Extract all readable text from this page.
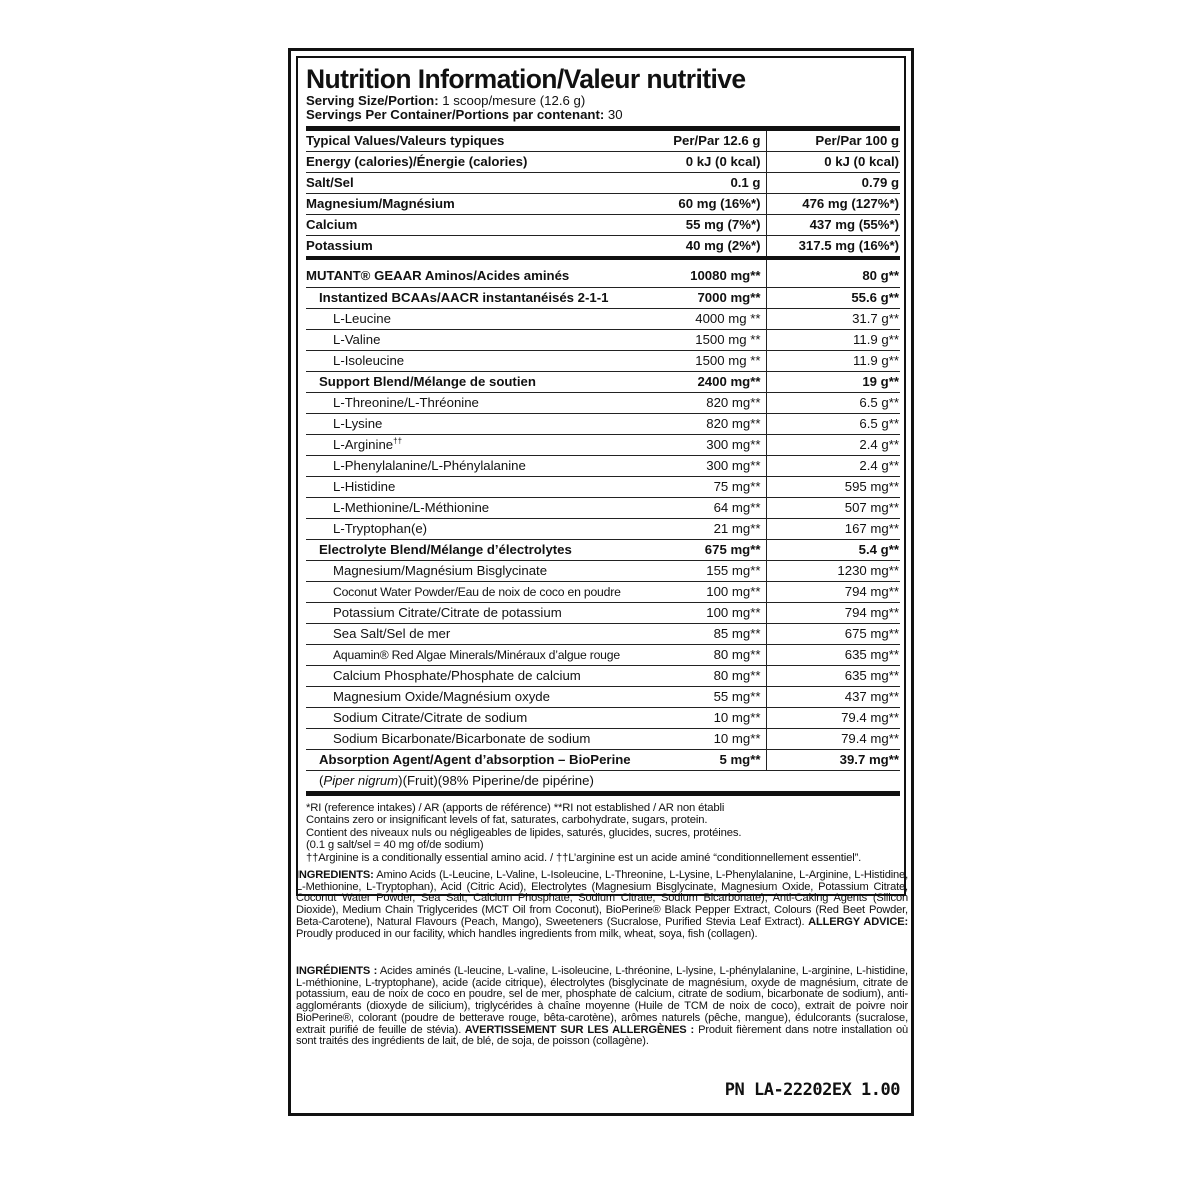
Nutrition Information/Valeur nutritive
Serving Size/Portion: 1 scoop/mesure (12.6 g)
Servings Per Container/Portions par contenant: 30
Typical Values/Valeurs typiques	Per/Par 12.6 g	Per/Par 100 g
Energy (calories)/Énergie (calories)	0 kJ (0 kcal)	0 kJ (0 kcal)
Salt/Sel	0.1 g	0.79 g
Magnesium/Magnésium	60 mg (16%*)	476 mg (127%*)
Calcium	55 mg (7%*)	437 mg (55%*)
Potassium	40 mg (2%*)	317.5 mg (16%*)
MUTANT® GEAAR Aminos/Acides aminés	10080 mg**	80 g**
Instantized BCAAs/AACR instantanéisés 2-1-1	7000 mg**	55.6 g**
L-Leucine	4000 mg **	31.7 g**
L-Valine	1500 mg **	11.9 g**
L-Isoleucine	1500 mg **	11.9 g**
Support Blend/Mélange de soutien	2400 mg**	19 g**
L-Threonine/L-Thréonine	820 mg**	6.5 g**
L-Lysine	820 mg**	6.5 g**
L-Arginine††	300 mg**	2.4 g**
L-Phenylalanine/L-Phénylalanine	300 mg**	2.4 g**
L-Histidine	75 mg**	595 mg**
L-Methionine/L-Méthionine	64 mg**	507 mg**
L-Tryptophan(e)	21 mg**	167 mg**
Electrolyte Blend/Mélange d’électrolytes	675 mg**	5.4 g**
Magnesium/Magnésium Bisglycinate	155 mg**	1230 mg**
Coconut Water Powder/Eau de noix de coco en poudre	100 mg**	794 mg**
Potassium Citrate/Citrate de potassium	100 mg**	794 mg**
Sea Salt/Sel de mer	85 mg**	675 mg**
Aquamin® Red Algae Minerals/Minéraux d’algue rouge	80 mg**	635 mg**
Calcium Phosphate/Phosphate de calcium	80 mg**	635 mg**
Magnesium Oxide/Magnésium oxyde	55 mg**	437 mg**
Sodium Citrate/Citrate de sodium	10 mg**	79.4 mg**
Sodium Bicarbonate/Bicarbonate de sodium	10 mg**	79.4 mg**
Absorption Agent/Agent d’absorption – BioPerine	5 mg**	39.7 mg**
(Piper nigrum)(Fruit)(98% Piperine/de pipérine)		
*RI (reference intakes) / AR (apports de référence) **RI not established / AR non établi
Contains zero or insignificant levels of fat, saturates, carbohydrate, sugars, protein.
Contient des niveaux nuls ou négligeables de lipides, saturés, glucides, sucres, protéines.
(0.1 g salt/sel = 40 mg of/de sodium)
††Arginine is a conditionally essential amino acid. / ††L’arginine est un acide aminé “conditionnellement essentiel”.
INGREDIENTS: Amino Acids (L-Leucine, L-Valine, L-Isoleucine, L-Threonine, L-Lysine, L-Phenylalanine, L-Arginine, L-Histidine, L-Methionine, L-Tryptophan), Acid (Citric Acid), Electrolytes (Magnesium Bisglycinate, Magnesium Oxide, Potassium Citrate, Coconut Water Powder, Sea Salt, Calcium Phosphate, Sodium Citrate, Sodium Bicarbonate), Anti-Caking Agents (Silicon Dioxide), Medium Chain Triglycerides (MCT Oil from Coconut), BioPerine® Black Pepper Extract, Colours (Red Beet Powder, Beta-Carotene), Natural Flavours (Peach, Mango), Sweeteners (Sucralose, Purified Stevia Leaf Extract). ALLERGY ADVICE: Proudly produced in our facility, which handles ingredients from milk, wheat, soya, fish (collagen).
INGRÉDIENTS : Acides aminés (L-leucine, L-valine, L-isoleucine, L-thréonine, L-lysine, L-phénylalanine, L-arginine, L-histidine, L-méthionine, L-tryptophane), acide (acide citrique), électrolytes (bisglycinate de magnésium, oxyde de magnésium, citrate de potassium, eau de noix de coco en poudre, sel de mer, phosphate de calcium, citrate de sodium, bicarbonate de sodium), anti-agglomérants (dioxyde de silicium), triglycérides à chaîne moyenne (Huile de TCM de noix de coco), extrait de poivre noir BioPerine®, colorant (poudre de betterave rouge, bêta-carotène), arômes naturels (pêche, mangue), édulcorants (sucralose, extrait purifié de feuille de stévia). AVERTISSEMENT SUR LES ALLERGÈNES : Produit fièrement dans notre installation où sont traités des ingrédients de lait, de blé, de soja, de poisson (collagène).
PN LA-22202EX 1.00
